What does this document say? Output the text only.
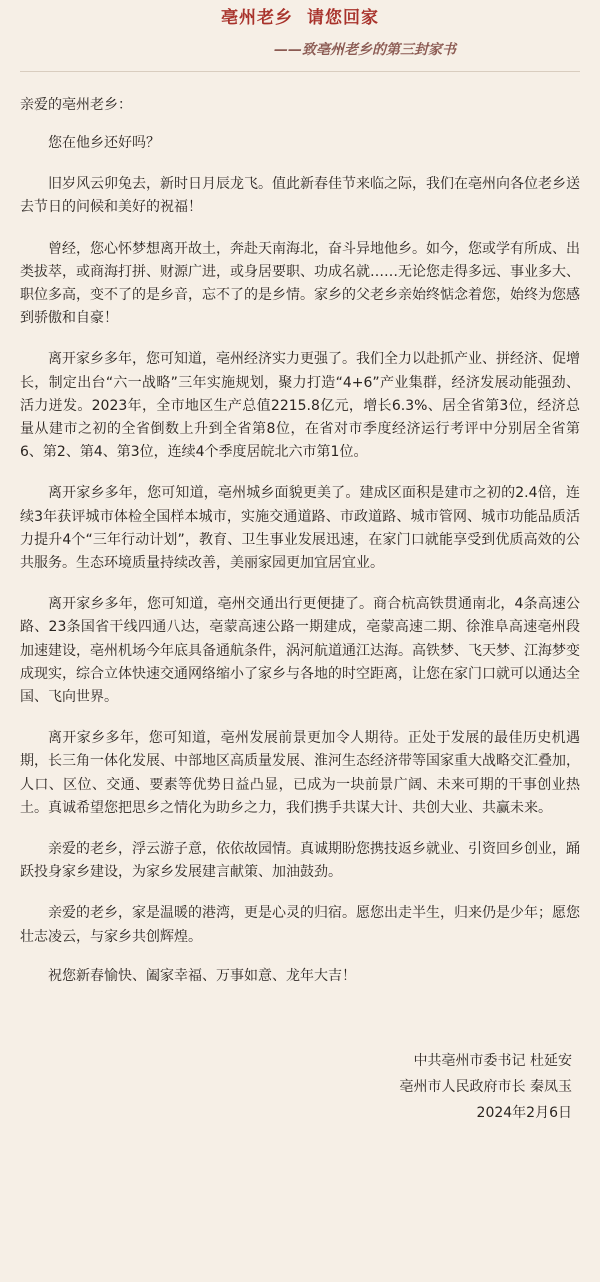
亳州老乡 请您回家
——致亳州老乡的第三封家书
亲爱的亳州老乡：

您在他乡还好吗？

旧岁风云卯兔去，新时日月辰龙飞。值此新春佳节来临之际，我们在亳州向各位老乡送去节日的问候和美好的祝福！

曾经，您心怀梦想离开故土，奔赴天南海北，奋斗异地他乡。如今，您或学有所成、出类拔萃，或商海打拼、财源广进，或身居要职、功成名就……无论您走得多远、事业多大、职位多高，变不了的是乡音，忘不了的是乡情。家乡的父老乡亲始终惦念着您，始终为您感到骄傲和自豪！

离开家乡多年，您可知道，亳州经济实力更强了。我们全力以赴抓产业、拼经济、促增长，制定出台“六一战略”三年实施规划，聚力打造“4+6”产业集群，经济发展动能强劲、活力迸发。2023年，全市地区生产总值2215.8亿元，增长6.3%、居全省第3位，经济总量从建市之初的全省倒数上升到全省第8位，在省对市季度经济运行考评中分别居全省第6、第2、第4、第3位，连续4个季度居皖北六市第1位。

离开家乡多年，您可知道，亳州城乡面貌更美了。建成区面积是建市之初的2.4倍，连续3年获评城市体检全国样本城市，实施交通道路、市政道路、城市管网、城市功能品质活力提升4个“三年行动计划”，教育、卫生事业发展迅速，在家门口就能享受到优质高效的公共服务。生态环境质量持续改善，美丽家园更加宜居宜业。

离开家乡多年，您可知道，亳州交通出行更便捷了。商合杭高铁贯通南北，4条高速公路、23条国省干线四通八达，亳蒙高速公路一期建成，亳蒙高速二期、徐淮阜高速亳州段加速建设，亳州机场今年底具备通航条件，涡河航道通江达海。高铁梦、飞天梦、江海梦变成现实，综合立体快速交通网络缩小了家乡与各地的时空距离，让您在家门口就可以通达全国、飞向世界。

离开家乡多年，您可知道，亳州发展前景更加令人期待。正处于发展的最佳历史机遇期，长三角一体化发展、中部地区高质量发展、淮河生态经济带等国家重大战略交汇叠加，人口、区位、交通、要素等优势日益凸显，已成为一块前景广阔、未来可期的干事创业热土。真诚希望您把思乡之情化为助乡之力，我们携手共谋大计、共创大业、共赢未来。

亲爱的老乡，浮云游子意，依依故园情。真诚期盼您携技返乡就业、引资回乡创业，踊跃投身家乡建设，为家乡发展建言献策、加油鼓劲。

亲爱的老乡，家是温暖的港湾，更是心灵的归宿。愿您出走半生，归来仍是少年；愿您壮志凌云，与家乡共创辉煌。

祝您新春愉快、阖家幸福、万事如意、龙年大吉！

中共亳州市委书记 杜延安
亳州市人民政府市长 秦凤玉
2024年2月6日
